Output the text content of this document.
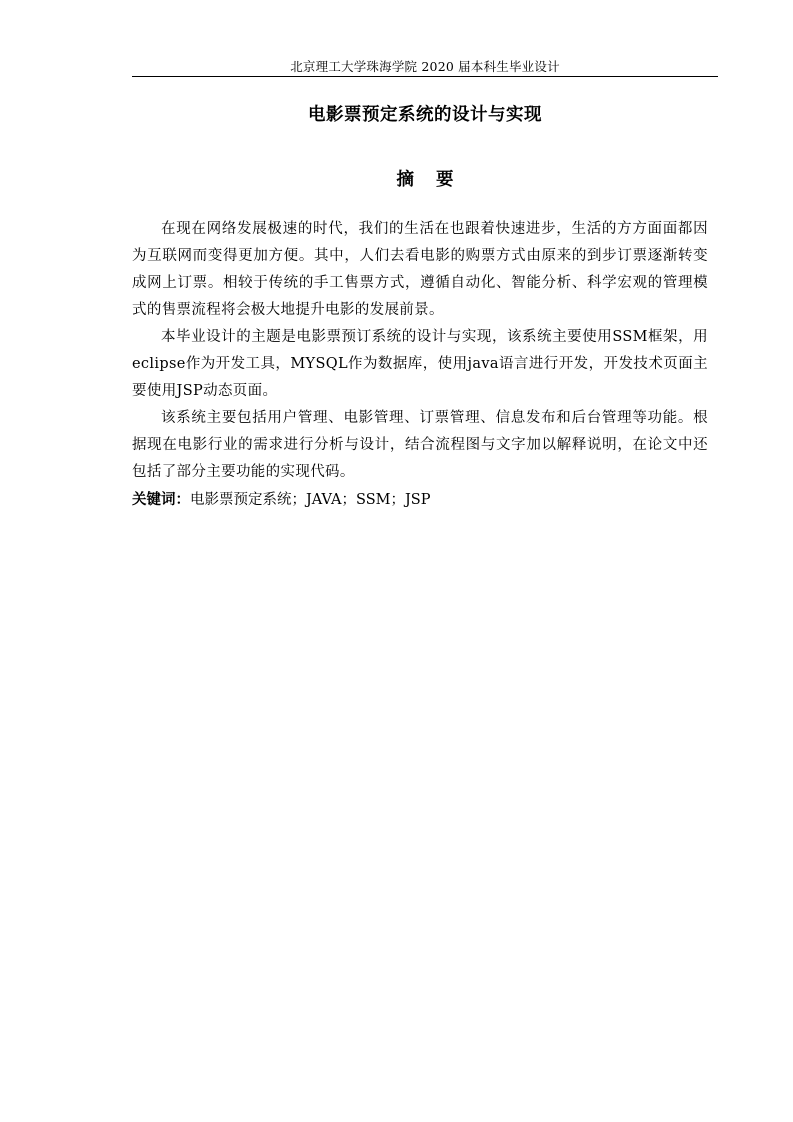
北京理工大学珠海学院 2020 届本科生毕业设计
电影票预定系统的设计与实现
摘要

在现在网络发展极速的时代，我们的生活在也跟着快速进步，生活的方方面面都因为互联网而变得更加方便。其中，人们去看电影的购票方式由原来的到步订票逐渐转变成网上订票。相较于传统的手工售票方式，遵循自动化、智能分析、科学宏观的管理模式的售票流程将会极大地提升电影的发展前景。

本毕业设计的主题是电影票预订系统的设计与实现，该系统主要使用SSM框架，用eclipse作为开发工具，MYSQL作为数据库，使用java语言进行开发，开发技术页面主要使用JSP动态页面。

该系统主要包括用户管理、电影管理、订票管理、信息发布和后台管理等功能。根据现在电影行业的需求进行分析与设计，结合流程图与文字加以解释说明，在论文中还包括了部分主要功能的实现代码。

关键词：电影票预定系统；JAVA；SSM；JSP
